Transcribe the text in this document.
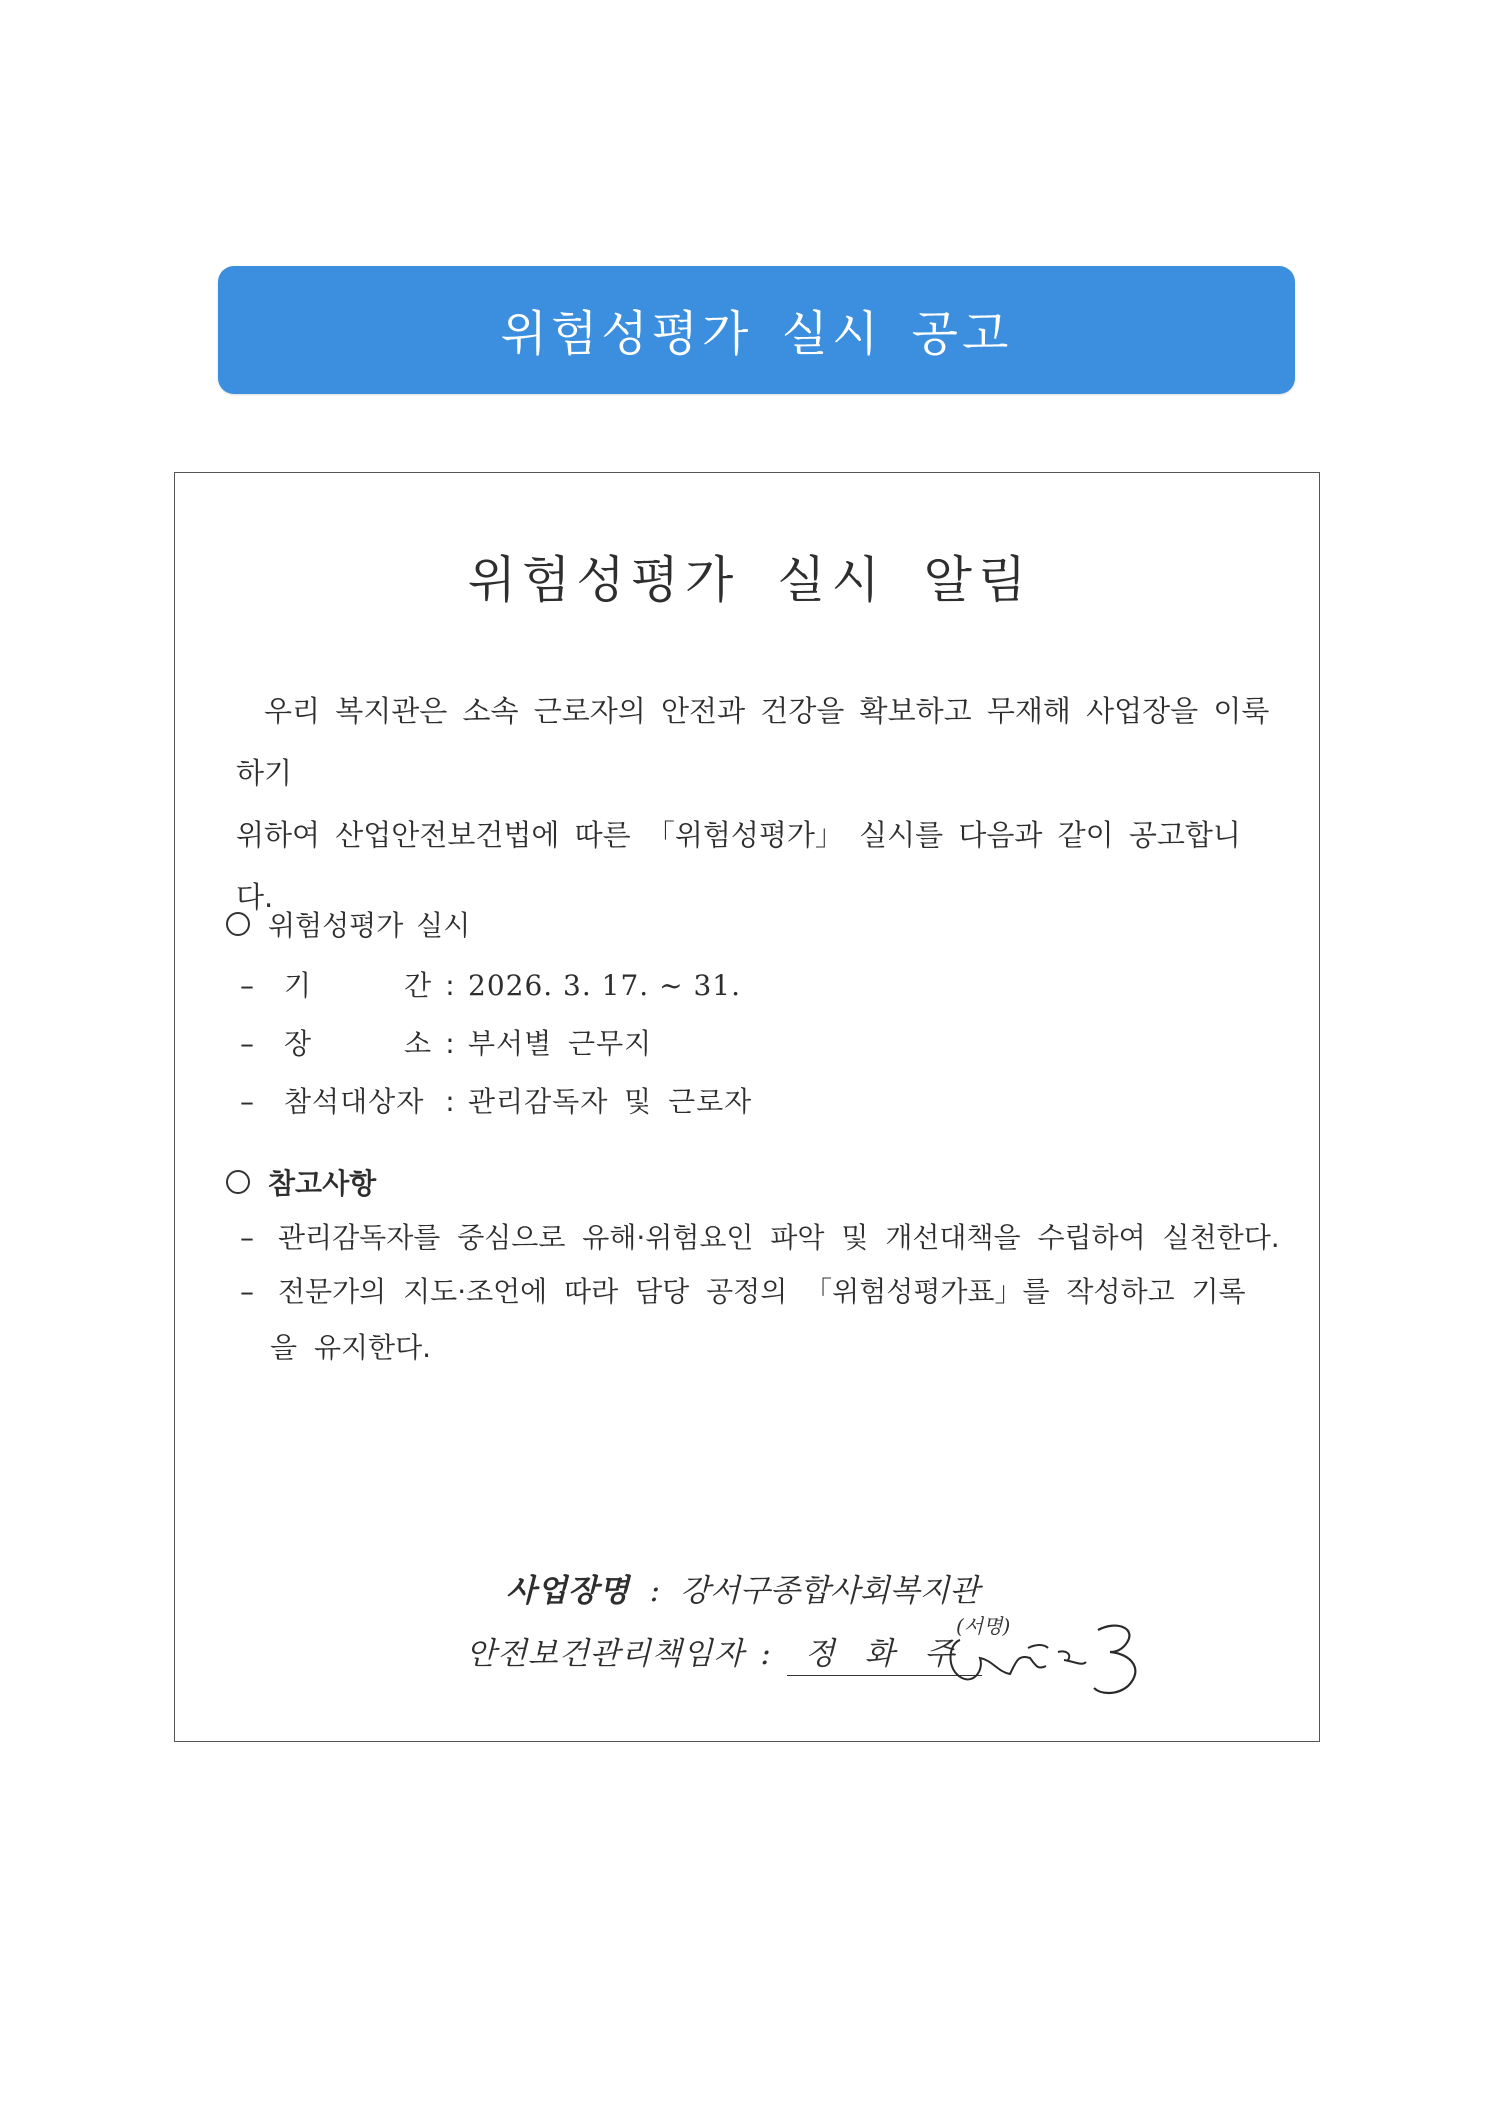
위험성평가 실시 공고
위험성평가 실시 알림
우리 복지관은 소속 근로자의 안전과 건강을 확보하고 무재해 사업장을 이룩하기
위하여 산업안전보건법에 따른 「위험성평가」 실시를 다음과 같이 공고합니다.
위험성평가 실시
–	기	간 : 2026. 3. 17. ~ 31.
–	장	소 : 부서별 근무지
–	참석대상자 : 관리감독자 및 근로자
참고사항
– 관리감독자를 중심으로 유해·위험요인 파악 및 개선대책을 수립하여 실천한다.
– 전문가의 지도·조언에 따라 담당 공정의 「위험성평가표」를 작성하고 기록
을 유지한다.
사업장명 : 강서구종합사회복지관
안전보건관리책임자 : 정 화 주
(서명)
